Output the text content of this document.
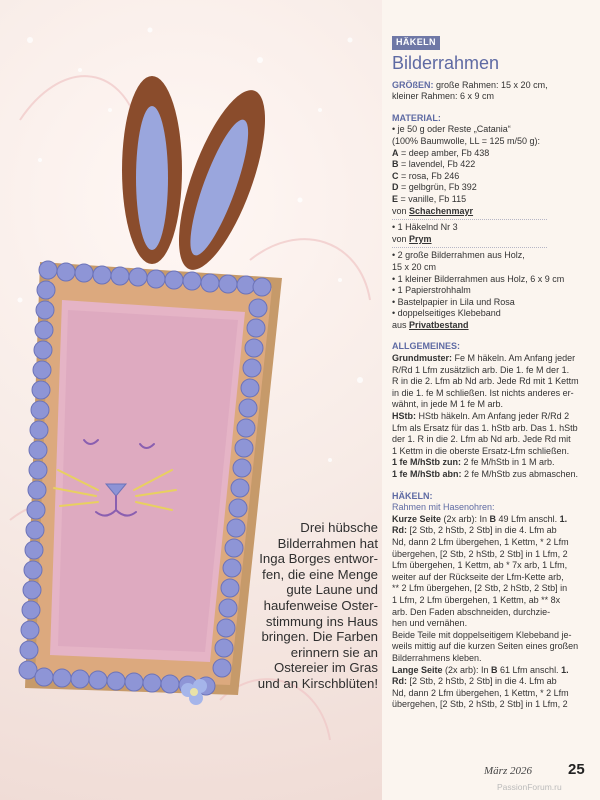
Drei hübsche
Bilderrahmen hat
Inga Borges entwor-
fen, die eine Menge
gute Laune und
haufenweise Oster-
stimmung ins Haus
bringen. Die Farben
erinnern sie an
Ostereier im Gras
und an Kirschblüten!
HÄKELN
Bilderrahmen
GRÖßEN: große Rahmen: 15 x 20 cm,
kleiner Rahmen: 6 x 9 cm
MATERIAL:
• je 50 g oder Reste „Catania“
(100% Baumwolle, LL = 125 m/50 g):
A = deep amber, Fb 438
B = lavendel, Fb 422
C = rosa, Fb 246
D = gelbgrün, Fb 392
E = vanille, Fb 115
von Schachenmayr
• 1 Häkelnd Nr 3
von Prym
• 2 große Bilderrahmen aus Holz,
15 x 20 cm
• 1 kleiner Bilderrahmen aus Holz, 6 x 9 cm
• 1 Papierstrohhalm
• Bastelpapier in Lila und Rosa
• doppelseitiges Klebeband
aus Privatbestand
ALLGEMEINES:
Grundmuster: Fe M häkeln. Am Anfang jeder
R/Rd 1 Lfm zusätzlich arb. Die 1. fe M der 1.
R in die 2. Lfm ab Nd arb. Jede Rd mit 1 Kettm
in die 1. fe M schließen. Ist nichts anderes er-
wähnt, in jede M 1 fe M arb.
HStb: HStb häkeln. Am Anfang jeder R/Rd 2
Lfm als Ersatz für das 1. hStb arb. Das 1. hStb
der 1. R in die 2. Lfm ab Nd arb. Jede Rd mit
1 Kettm in die oberste Ersatz-Lfm schließen.
1 fe M/hStb zun: 2 fe M/hStb in 1 M arb.
1 fe M/hStb abn: 2 fe M/hStb zus abmaschen.
HÄKELN:
Rahmen mit Hasenohren:
Kurze Seite (2x arb): In B 49 Lfm anschl. 1.
Rd: [2 Stb, 2 hStb, 2 Stb] in die 4. Lfm ab
Nd, dann 2 Lfm übergehen, 1 Kettm, * 2 Lfm
übergehen, [2 Stb, 2 hStb, 2 Stb] in 1 Lfm, 2
Lfm übergehen, 1 Kettm, ab * 7x arb, 1 Lfm,
weiter auf der Rückseite der Lfm-Kette arb,
** 2 Lfm übergehen, [2 Stb, 2 hStb, 2 Stb] in
1 Lfm, 2 Lfm übergehen, 1 Kettm, ab ** 8x
arb. Den Faden abschneiden, durchzie-
hen und vernähen.
Beide Teile mit doppelseitigem Klebeband je-
weils mittig auf die kurzen Seiten eines großen
Bilderrahmens kleben.
Lange Seite (2x arb): In B 61 Lfm anschl. 1.
Rd: [2 Stb, 2 hStb, 2 Stb] in die 4. Lfm ab
Nd, dann 2 Lfm übergehen, 1 Kettm, * 2 Lfm
übergehen, [2 Stb, 2 hStb, 2 Stb] in 1 Lfm, 2
März 2026 25
PassionForum.ru
